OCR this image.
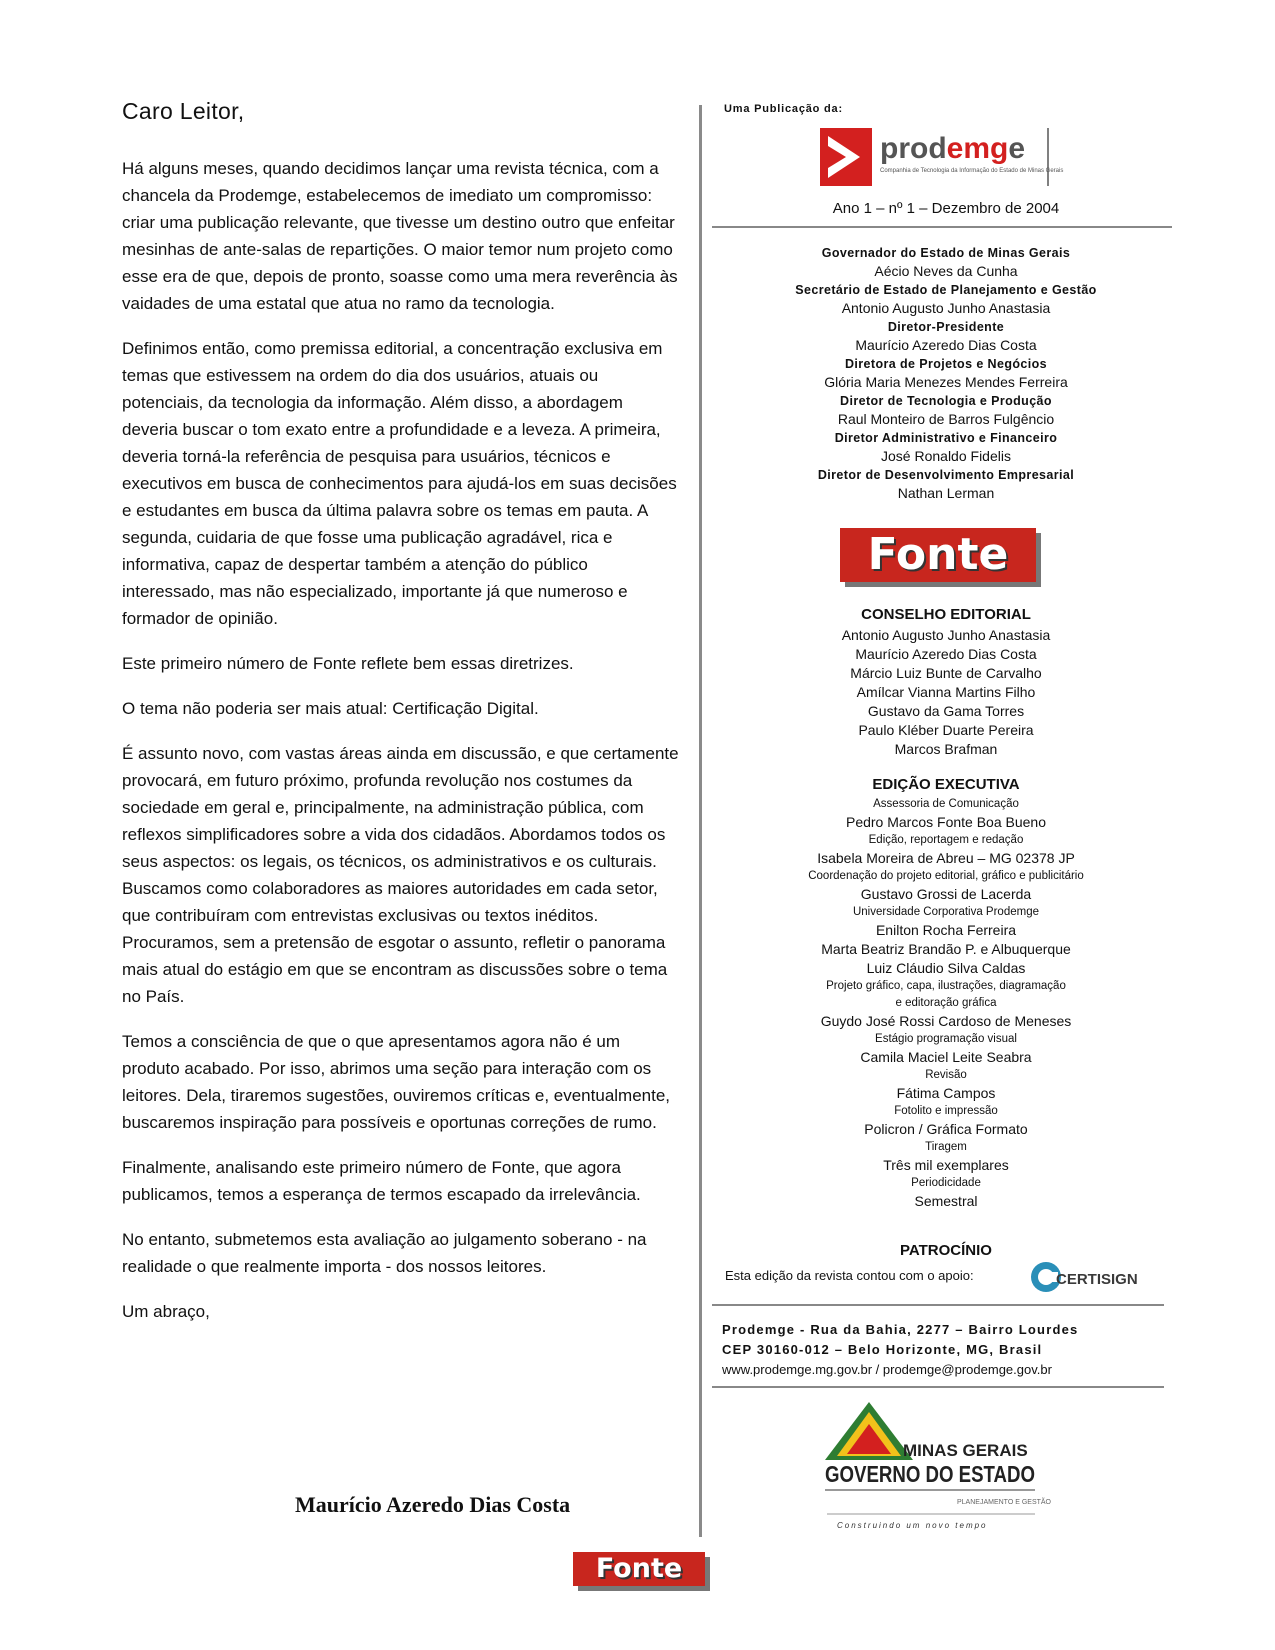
Caro Leitor,

Há alguns meses, quando decidimos lançar uma revista técnica, com a chancela da Prodemge, estabelecemos de imediato um compromisso: criar uma publicação relevante, que tivesse um destino outro que enfeitar mesinhas de ante-salas de repartições. O maior temor num projeto como esse era de que, depois de pronto, soasse como uma mera reverência às vaidades de uma estatal que atua no ramo da tecnologia.

Definimos então, como premissa editorial, a concentração exclusiva em temas que estivessem na ordem do dia dos usuários, atuais ou potenciais, da tecnologia da informação. Além disso, a abordagem deveria buscar o tom exato entre a profundidade e a leveza. A primeira, deveria torná-la referência de pesquisa para usuários, técnicos e executivos em busca de conhecimentos para ajudá-los em suas decisões e estudantes em busca da última palavra sobre os temas em pauta. A segunda, cuidaria de que fosse uma publicação agradável, rica e informativa, capaz de despertar também a atenção do público interessado, mas não especializado, importante já que numeroso e formador de opinião.

Este primeiro número de Fonte reflete bem essas diretrizes.

O tema não poderia ser mais atual: Certificação Digital.

É assunto novo, com vastas áreas ainda em discussão, e que certamente provocará, em futuro próximo, profunda revolução nos costumes da sociedade em geral e, principalmente, na administração pública, com reflexos simplificadores sobre a vida dos cidadãos. Abordamos todos os seus aspectos: os legais, os técnicos, os administrativos e os culturais. Buscamos como colaboradores as maiores autoridades em cada setor, que contribuíram com entrevistas exclusivas ou textos inéditos. Procuramos, sem a pretensão de esgotar o assunto, refletir o panorama mais atual do estágio em que se encontram as discussões sobre o tema no País.

Temos a consciência de que o que apresentamos agora não é um produto acabado. Por isso, abrimos uma seção para interação com os leitores. Dela, tiraremos sugestões, ouviremos críticas e, eventualmente, buscaremos inspiração para possíveis e oportunas correções de rumo.

Finalmente, analisando este primeiro número de Fonte, que agora publicamos, temos a esperança de termos escapado da irrelevância.

No entanto, submetemos esta avaliação ao julgamento soberano - na realidade o que realmente importa - dos nossos leitores.

Um abraço,

Maurício Azeredo Dias Costa
Uma Publicação da:
prodemge
Companhia de Tecnologia da Informação do Estado de Minas Gerais
Ano 1 – nº 1 – Dezembro de 2004
Governador do Estado de Minas Gerais
Aécio Neves da Cunha
Secretário de Estado de Planejamento e Gestão
Antonio Augusto Junho Anastasia
Diretor-Presidente
Maurício Azeredo Dias Costa
Diretora de Projetos e Negócios
Glória Maria Menezes Mendes Ferreira
Diretor de Tecnologia e Produção
Raul Monteiro de Barros Fulgêncio
Diretor Administrativo e Financeiro
José Ronaldo Fidelis
Diretor de Desenvolvimento Empresarial
Nathan Lerman
Fonte
CONSELHO EDITORIAL
Antonio Augusto Junho Anastasia
Maurício Azeredo Dias Costa
Márcio Luiz Bunte de Carvalho
Amílcar Vianna Martins Filho
Gustavo da Gama Torres
Paulo Kléber Duarte Pereira
Marcos Brafman
EDIÇÃO EXECUTIVA
Assessoria de Comunicação
Pedro Marcos Fonte Boa Bueno
Edição, reportagem e redação
Isabela Moreira de Abreu – MG 02378 JP
Coordenação do projeto editorial, gráfico e publicitário
Gustavo Grossi de Lacerda
Universidade Corporativa Prodemge
Enilton Rocha Ferreira
Marta Beatriz Brandão P. e Albuquerque
Luiz Cláudio Silva Caldas
Projeto gráfico, capa, ilustrações, diagramação
e editoração gráfica
Guydo José Rossi Cardoso de Meneses
Estágio programação visual
Camila Maciel Leite Seabra
Revisão
Fátima Campos
Fotolito e impressão
Policron / Gráfica Formato
Tiragem
Três mil exemplares
Periodicidade
Semestral
PATROCÍNIO
Esta edição da revista contou com o apoio:	CERTISIGN
Prodemge - Rua da Bahia, 2277 – Bairro Lourdes
CEP 30160-012 – Belo Horizonte, MG, Brasil
www.prodemge.mg.gov.br / prodemge@prodemge.gov.br
MINAS GERAIS
GOVERNO DO ESTADO
PLANEJAMENTO E GESTÃO
Construindo um novo tempo
Fonte
